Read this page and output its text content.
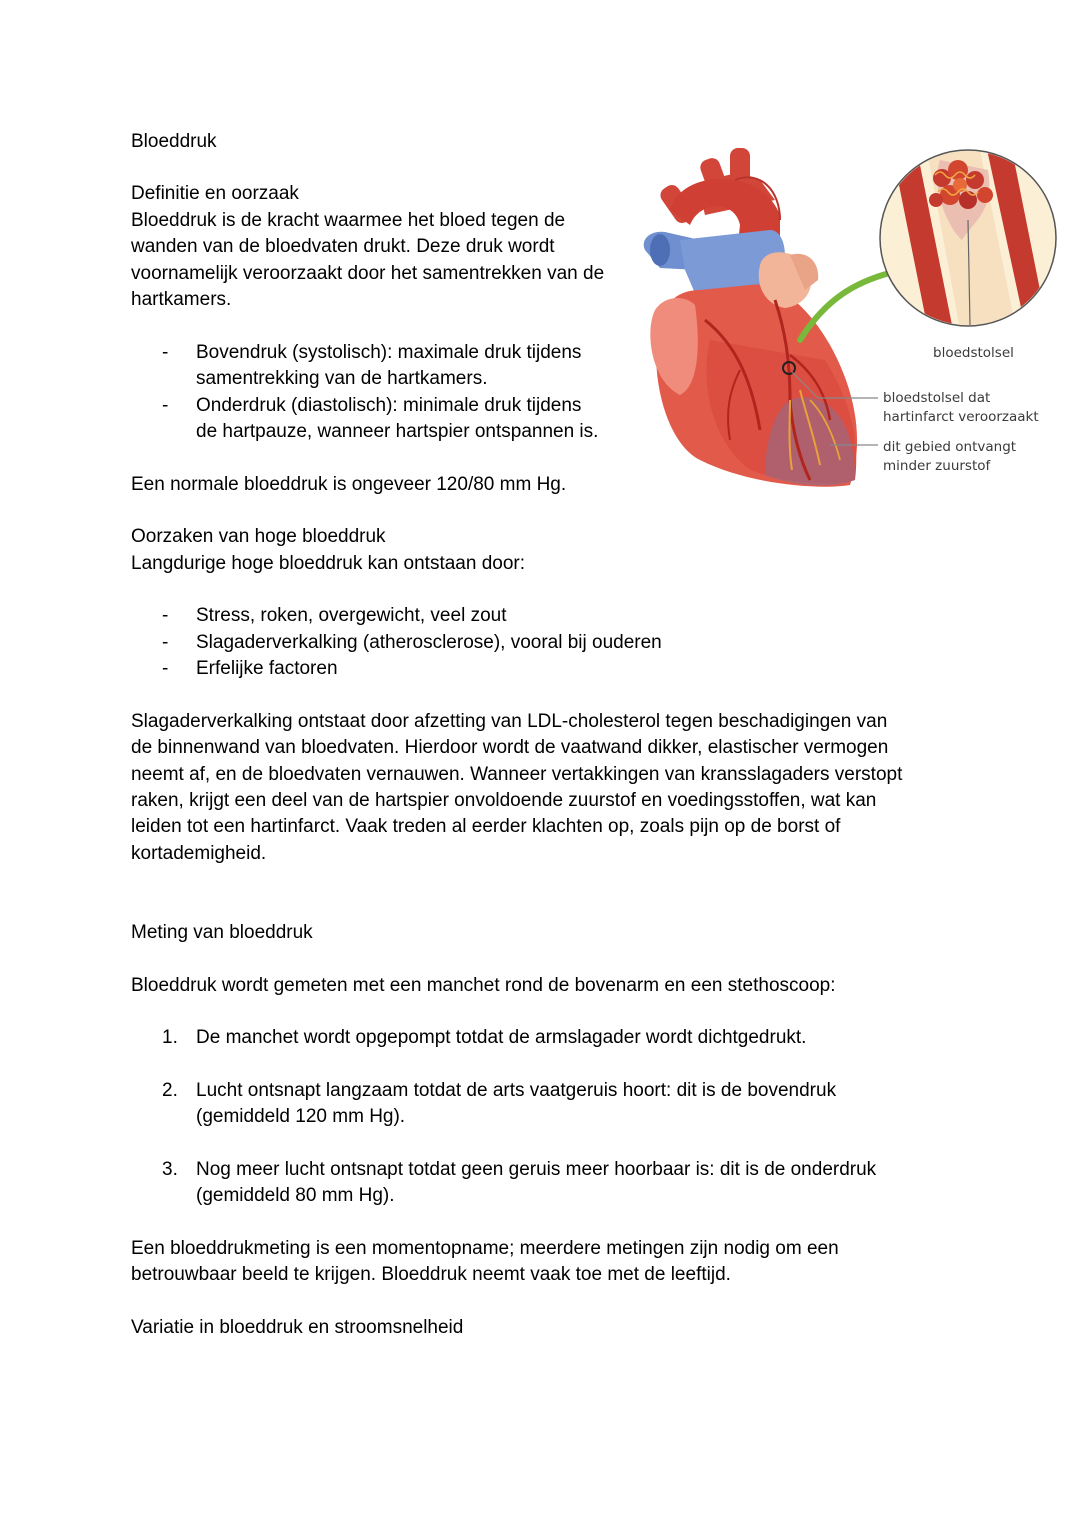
Bloeddruk

Definitie en oorzaak

Bloeddruk is de kracht waarmee het bloed tegen de

wanden van de bloedvaten drukt. Deze druk wordt

voornamelijk veroorzaakt door het samentrekken van de

hartkamers.

- Bovendruk (systolisch): maximale druk tijdens
samentrekking van de hartkamers.
- Onderdruk (diastolisch): minimale druk tijdens
de hartpauze, wanneer hartspier ontspannen is.

Een normale bloeddruk is ongeveer 120/80 mm Hg.

Oorzaken van hoge bloeddruk

Langdurige hoge bloeddruk kan ontstaan door:

- Stress, roken, overgewicht, veel zout
- Slagaderverkalking (atherosclerose), vooral bij ouderen
- Erfelijke factoren

Slagaderverkalking ontstaat door afzetting van LDL-cholesterol tegen beschadigingen van

de binnenwand van bloedvaten. Hierdoor wordt de vaatwand dikker, elastischer vermogen

neemt af, en de bloedvaten vernauwen. Wanneer vertakkingen van kransslagaders verstopt

raken, krijgt een deel van de hartspier onvoldoende zuurstof en voedingsstoffen, wat kan

leiden tot een hartinfarct. Vaak treden al eerder klachten op, zoals pijn op de borst of

kortademigheid.

Meting van bloeddruk

Bloeddruk wordt gemeten met een manchet rond de bovenarm en een stethoscoop:

1. De manchet wordt opgepompt totdat de armslagader wordt dichtgedrukt.
2. Lucht ontsnapt langzaam totdat de arts vaatgeruis hoort: dit is de bovendruk
(gemiddeld 120 mm Hg).
3. Nog meer lucht ontsnapt totdat geen geruis meer hoorbaar is: dit is de onderdruk
(gemiddeld 80 mm Hg).

Een bloeddrukmeting is een momentopname; meerdere metingen zijn nodig om een

betrouwbaar beeld te krijgen. Bloeddruk neemt vaak toe met de leeftijd.

Variatie in bloeddruk en stroomsnelheid

bloedstolsel
bloedstolsel dat
hartinfarct veroorzaakt
dit gebied ontvangt
minder zuurstof
